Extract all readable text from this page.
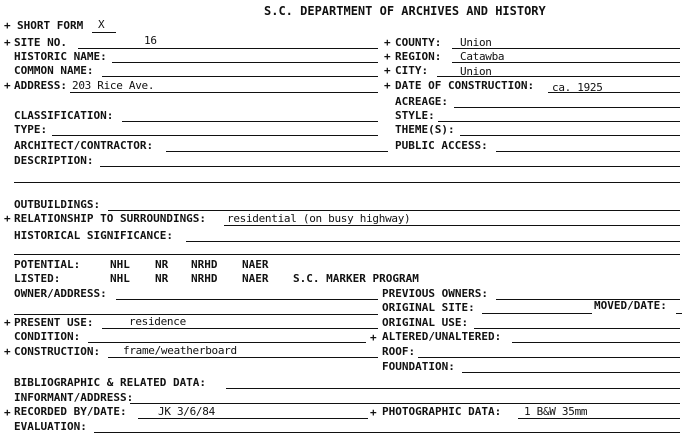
S.C. DEPARTMENT OF ARCHIVES AND HISTORY
+ SHORT FORM X
+ SITE NO.	16	+ COUNTY: Union
HISTORIC NAME:	+ REGION: Catawba
COMMON NAME:	+ CITY:	Union
+ ADDRESS: 203 Rice Ave.	+ DATE OF CONSTRUCTION: ca. 1925
ACREAGE:
CLASSIFICATION:	STYLE:
TYPE:	THEME(S):
ARCHITECT/CONTRACTOR:	PUBLIC ACCESS:
DESCRIPTION:
OUTBUILDINGS:
+ RELATIONSHIP TO SURROUNDINGS: residential (on busy highway)
HISTORICAL SIGNIFICANCE:
POTENTIAL:	NHL NR NRHD NAER
LISTED:	NHL NR NRHD NAER S.C. MARKER PROGRAM
OWNER/ADDRESS:	PREVIOUS OWNERS:
ORIGINAL SITE:	MOVED/DATE:
+ PRESENT USE:	residence	ORIGINAL USE:
CONDITION:	+ ALTERED/UNALTERED:
+ CONSTRUCTION: frame/weatherboard	ROOF:
FOUNDATION:
BIBLIOGRAPHIC & RELATED DATA:
INFORMANT/ADDRESS:
+ RECORDED BY/DATE:	JK 3/6/84	+ PHOTOGRAPHIC DATA: 1 B&W 35mm
EVALUATION:
